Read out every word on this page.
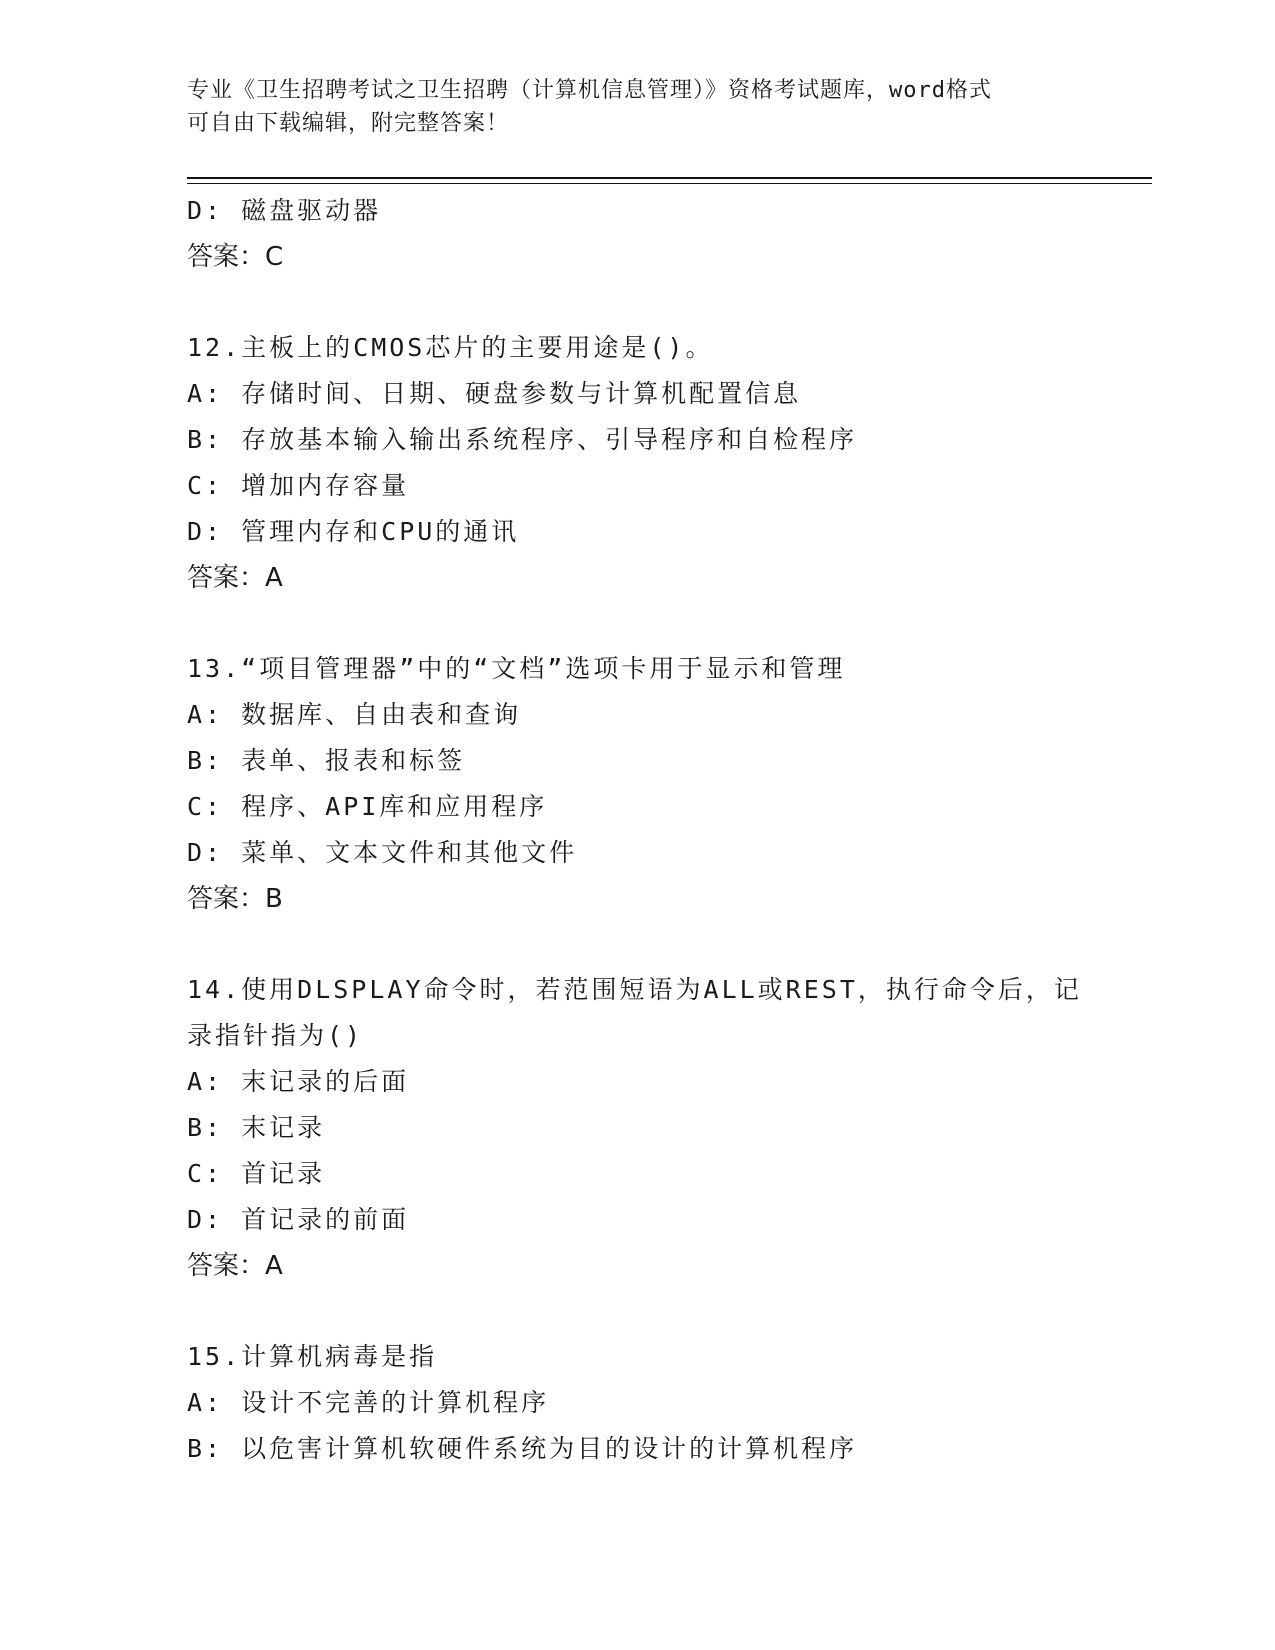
专业《卫生招聘考试之卫生招聘（计算机信息管理）》资格考试题库，word格式
可自由下载编辑，附完整答案！
D: 磁盘驱动器
答案：C
12.主板上的CMOS芯片的主要用途是()。
A: 存储时间、日期、硬盘参数与计算机配置信息
B: 存放基本输入输出系统程序、引导程序和自检程序
C: 增加内存容量
D: 管理内存和CPU的通讯
答案：A
13.“项目管理器”中的“文档”选项卡用于显示和管理
A: 数据库、自由表和查询
B: 表单、报表和标签
C: 程序、API库和应用程序
D: 菜单、文本文件和其他文件
答案：B
14.使用DLSPLAY命令时，若范围短语为ALL或REST，执行命令后，记
录指针指为()
A: 末记录的后面
B: 末记录
C: 首记录
D: 首记录的前面
答案：A
15.计算机病毒是指
A: 设计不完善的计算机程序
B: 以危害计算机软硬件系统为目的设计的计算机程序
